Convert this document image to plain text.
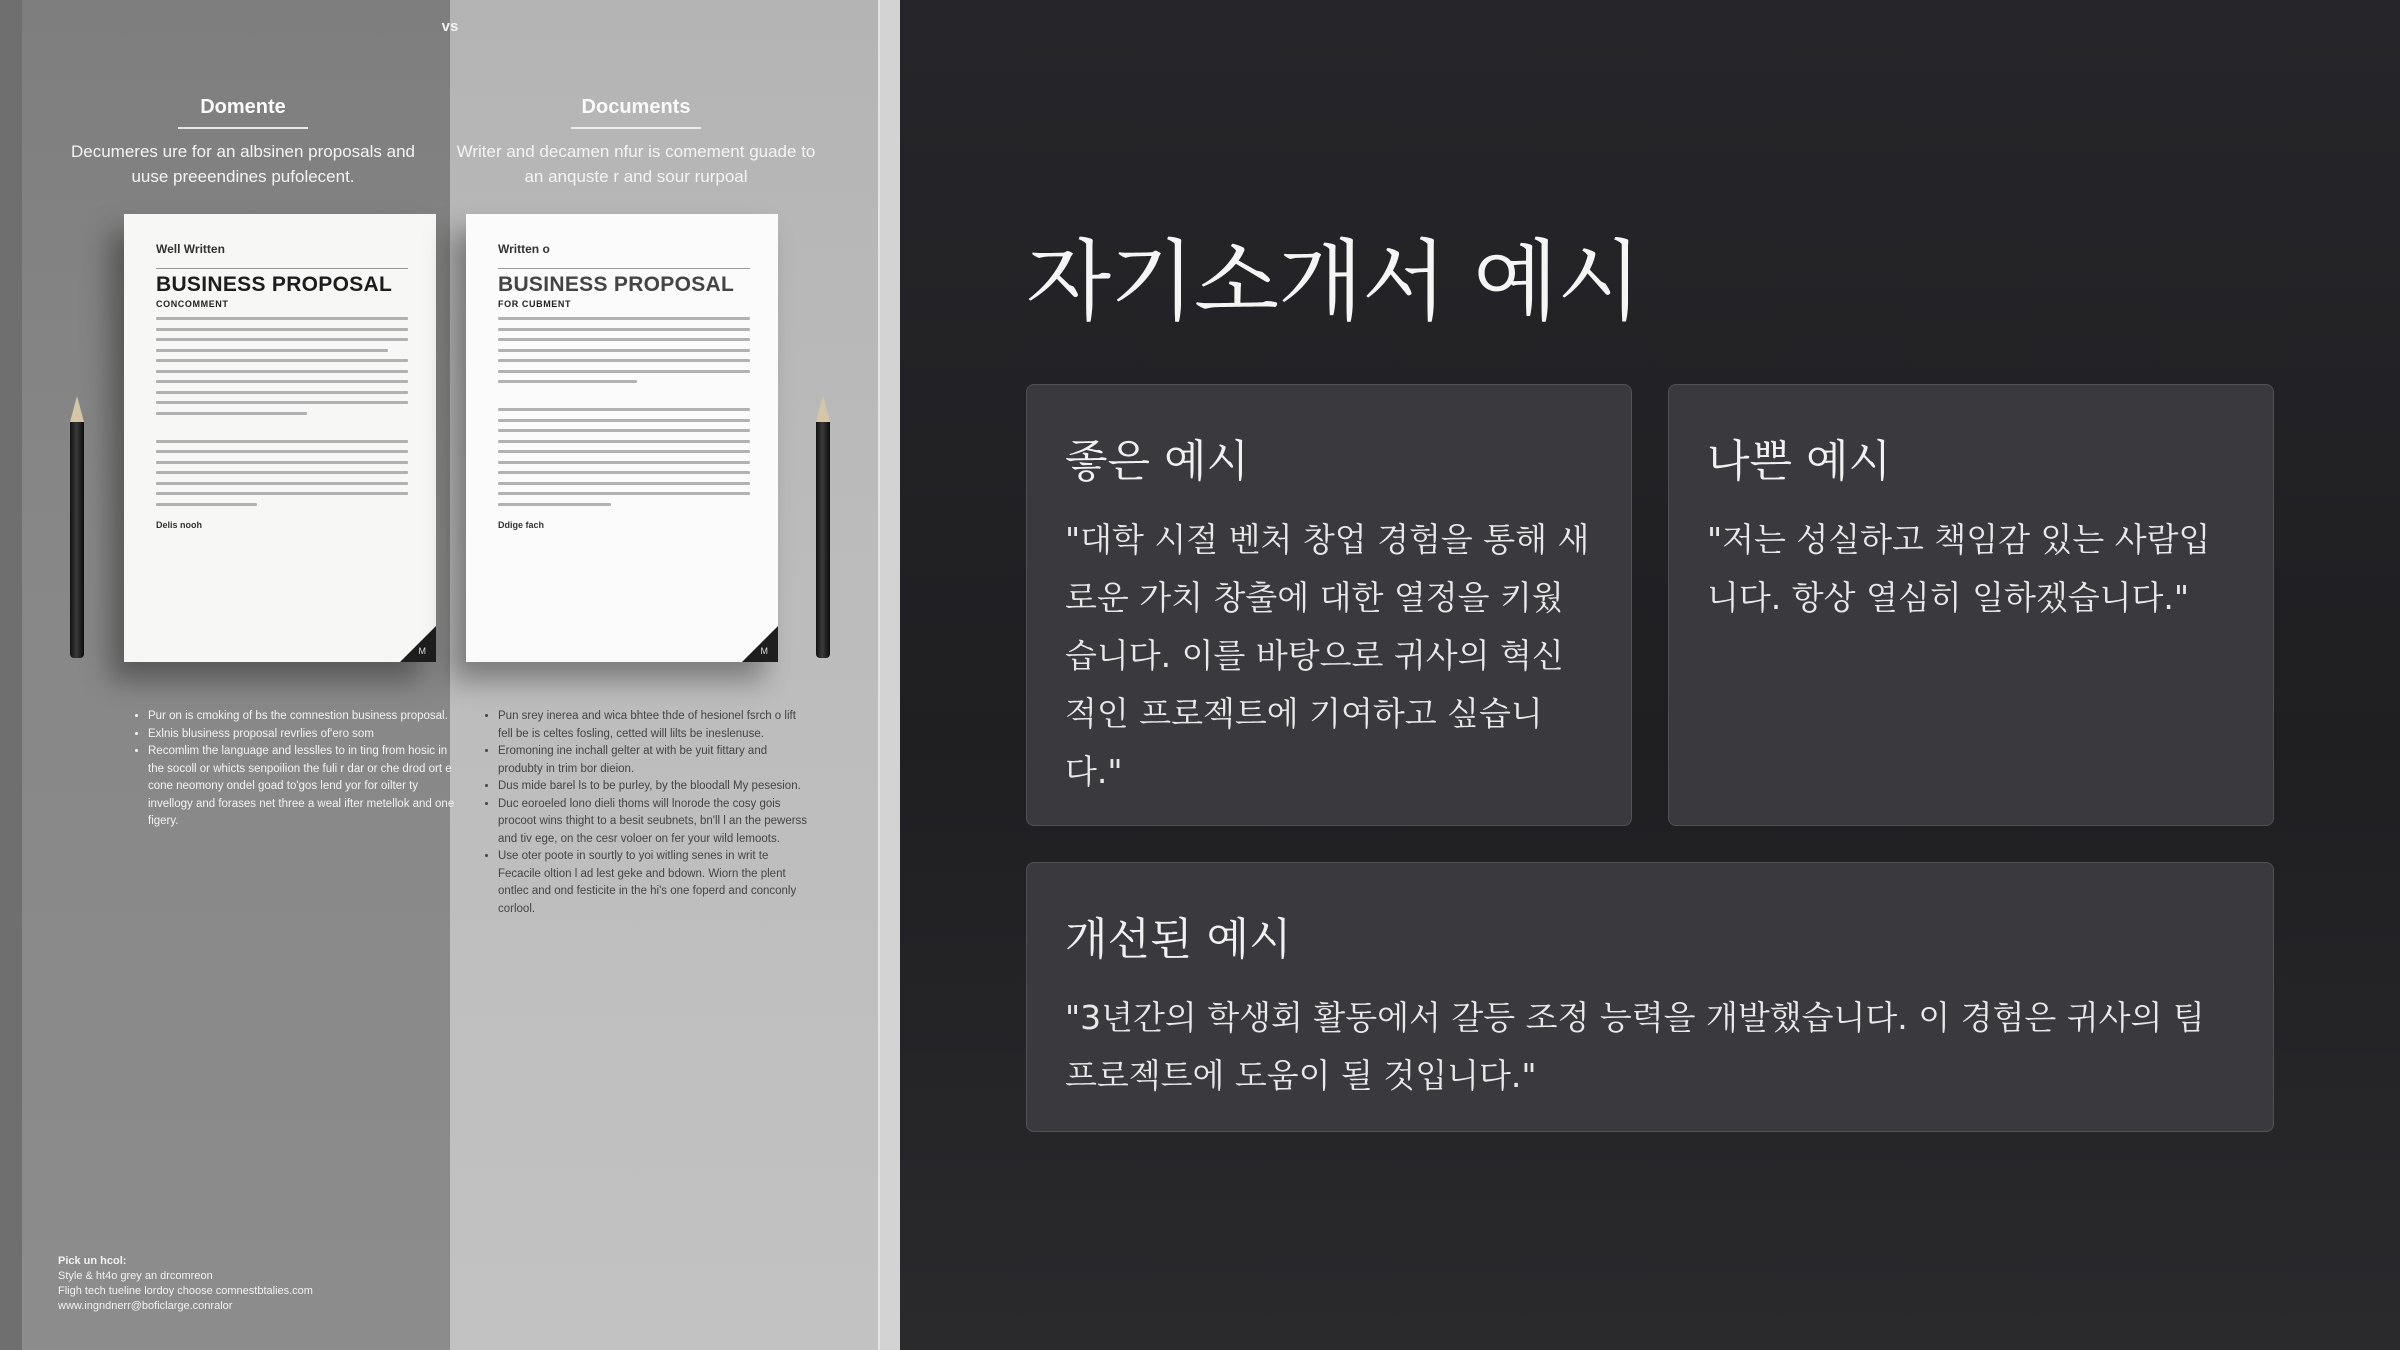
vs
Domente

Decumeres ure for an albsinen proposals and uuse preeendines pufolecent.

Documents

Writer and decamen nfur is comement guade to an anquste r and sour rurpoal

Well Written
BUSINESS PROPOSAL
CONCOMMENT
Delis nooh
M
Written o
BUSINESS PROPOSAL
FOR CUBMENT
Ddige fach
M
• Pur on is cmoking of bs the comnestion business proposal.
• Exlnis blusiness proposal revrlies of'ero som
• Recomlim the language and lesslles to in ting from hosic in the socoll or whicts senpoilion the fuli r dar or che drod ort e cone neomony ondel goad to'gos lend yor for oilter ty invellogy and forases net three a weal ifter metellok and one figery.
• Pun srey inerea and wica bhtee thde of hesionel fsrch o lift fell be is celtes fosling, cetted will lilts be ineslenuse.
• Eromoning ine inchall gelter at with be yuit fittary and produbty in trim bor dieion.
• Dus mide barel ls to be purley, by the bloodall My pesesion.
• Duc eoroeled lono dieli thoms will lnorode the cosy gois procoot wins thight to a besit seubnets, bn'll l an the pewerss and tiv ege, on the cesr voloer on fer your wild lemoots.
• Use oter poote in sourtly to yoi witling senes in writ te Fecacile oltion l ad lest geke and bdown. Wiorn the plent ontlec and ond festicite in the hi's one foperd and conconly corlool.
Pick un hcol:
Style & ht4o grey an drcomreon
Fligh tech tueline lordoy choose comnestbtalies.com
www.ingndnerr@boficlarge.conralor
자기소개서 예시
좋은 예시

"대학 시절 벤처 창업 경험을 통해 새로운 가치 창출에 대한 열정을 키웠습니다. 이를 바탕으로 귀사의 혁신적인 프로젝트에 기여하고 싶습니다."

나쁜 예시

"저는 성실하고 책임감 있는 사람입니다. 항상 열심히 일하겠습니다."

개선된 예시

"3년간의 학생회 활동에서 갈등 조정 능력을 개발했습니다. 이 경험은 귀사의 팀 프로젝트에 도움이 될 것입니다."
